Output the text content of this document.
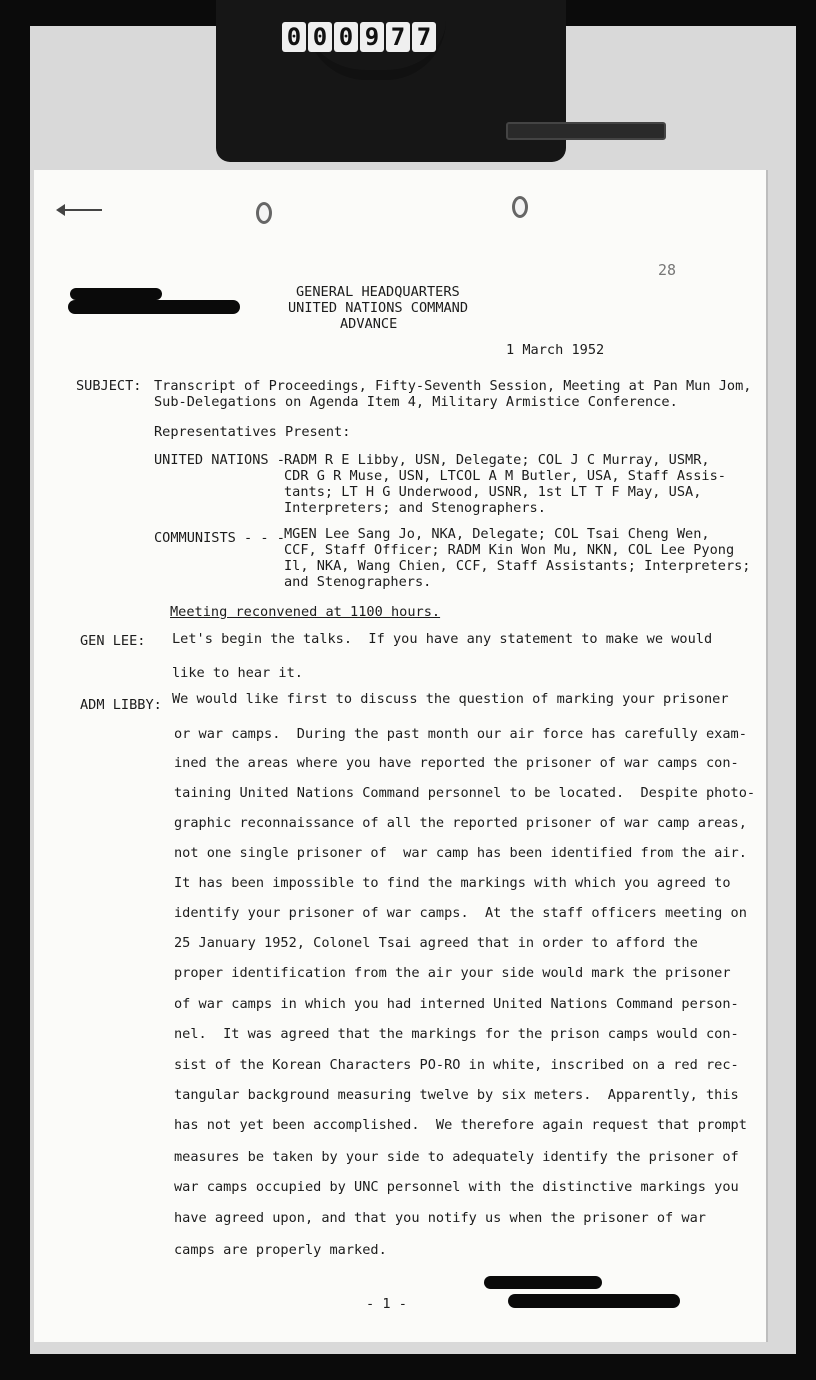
0 0 0 9 7 7
28
GENERAL HEADQUARTERS
UNITED NATIONS COMMAND
ADVANCE
1 March 1952
SUBJECT: Transcript of Proceedings, Fifty-Seventh Session, Meeting at Pan Mun Jom,
Sub-Delegations on Agenda Item 4, Military Armistice Conference.
Representatives Present:
UNITED NATIONS - RADM R E Libby, USN, Delegate; COL J C Murray, USMR,
CDR G R Muse, USN, LTCOL A M Butler, USA, Staff Assis-
tants; LT H G Underwood, USNR, 1st LT T F May, USA,
Interpreters; and Stenographers.
COMMUNISTS - - - MGEN Lee Sang Jo, NKA, Delegate; COL Tsai Cheng Wen,
CCF, Staff Officer; RADM Kin Won Mu, NKN, COL Lee Pyong
Il, NKA, Wang Chien, CCF, Staff Assistants; Interpreters;
and Stenographers.
Meeting reconvened at 1100 hours.
GEN LEE: Let's begin the talks.  If you have any statement to make we would
like to hear it.
ADM LIBBY: We would like first to discuss the question of marking your prisoner
or war camps.  During the past month our air force has carefully exam-
ined the areas where you have reported the prisoner of war camps con-
taining United Nations Command personnel to be located.  Despite photo-
graphic reconnaissance of all the reported prisoner of war camp areas,
not one single prisoner of  war camp has been identified from the air.
It has been impossible to find the markings with which you agreed to
identify your prisoner of war camps.  At the staff officers meeting on
25 January 1952, Colonel Tsai agreed that in order to afford the
proper identification from the air your side would mark the prisoner
of war camps in which you had interned United Nations Command person-
nel.  It was agreed that the markings for the prison camps would con-
sist of the Korean Characters PO-RO in white, inscribed on a red rec-
tangular background measuring twelve by six meters.  Apparently, this
has not yet been accomplished.  We therefore again request that prompt
measures be taken by your side to adequately identify the prisoner of
war camps occupied by UNC personnel with the distinctive markings you
have agreed upon, and that you notify us when the prisoner of war
camps are properly marked.
- 1 -
